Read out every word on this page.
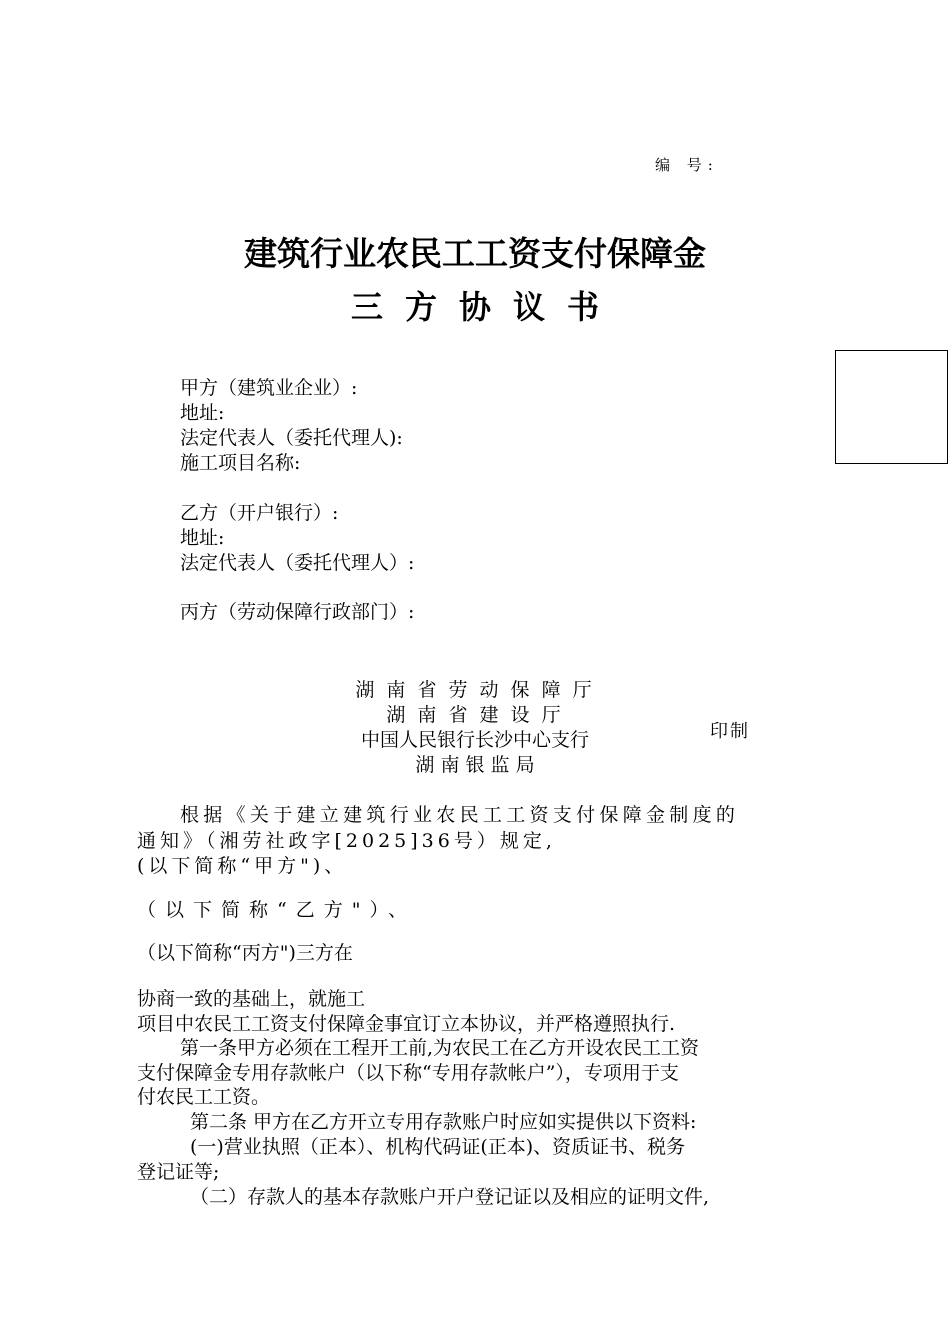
编 号:
建筑行业农民工工资支付保障金
三方协议书
甲方（建筑业企业）:
地址:
法定代表人（委托代理人):
施工项目名称:
乙方（开户银行）:
地址:
法定代表人（委托代理人）:
丙方（劳动保障行政部门）:
湖 南 省 劳 动 保 障 厅
湖 南 省 建 设 厅
中国人民银行长沙中心支行
湖 南 银 监 局
印制
根据《关于建立建筑行业农民工工资支付保障金制度的
通知》（湘劳社政字[2025]36号）规定,
(以下简称“甲方")、
（以下简称“乙方"）、
（以下简称“丙方")三方在
协商一致的基础上，就施工
项目中农民工工资支付保障金事宜订立本协议，并严格遵照执行.
第一条甲方必须在工程开工前,为农民工在乙方开设农民工工资
支付保障金专用存款帐户（以下称“专用存款帐户”），专项用于支
付农民工工资。
第二条 甲方在乙方开立专用存款账户时应如实提供以下资料:
(一)营业执照（正本）、机构代码证(正本)、资质证书、税务
登记证等;
（二）存款人的基本存款账户开户登记证以及相应的证明文件,
